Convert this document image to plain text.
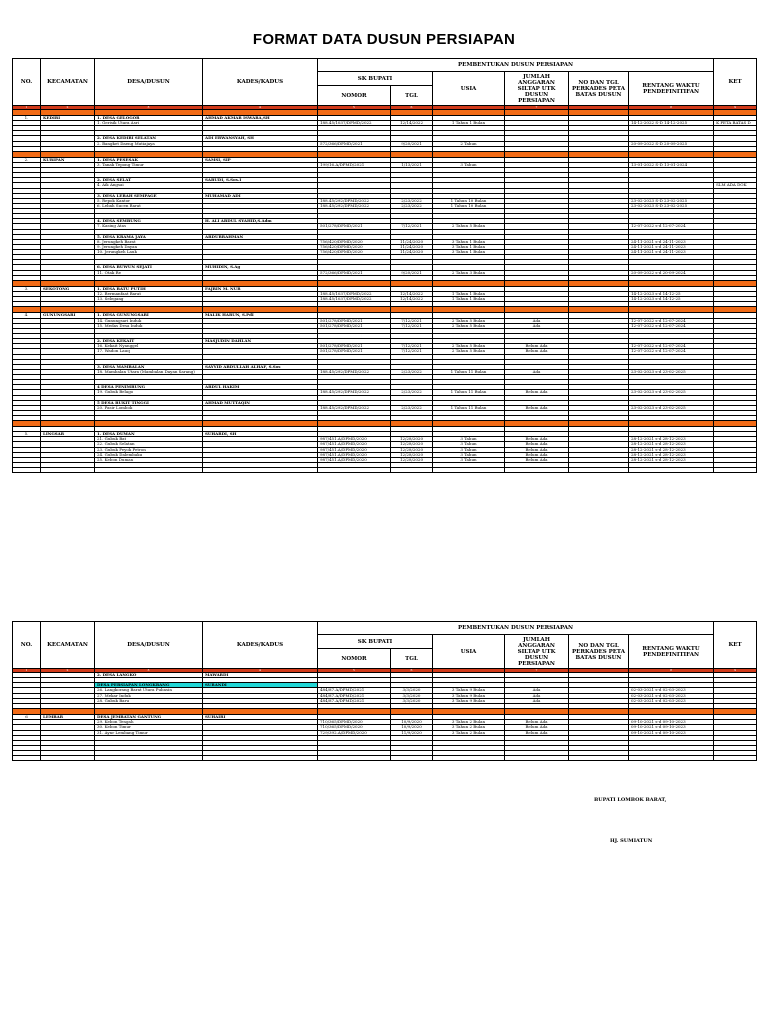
FORMAT DATA DUSUN PERSIAPAN
NO.	KECAMATAN	DESA/DUSUN	KADES/KADUS	PEMBENTUKAN DUSUN PERSIAPAN						KET
				SK BUPATI		USIA	JUMLAH ANGGARAN SILTAP UTK DUSUN PERSIAPAN	NO DAN TGL PERKADES PETA BATAS DUSUN	RENTANG WAKTU PENDEFINITIFAN	
				NOMOR	TGL					
1	2	3	4	5	6		7		8	9

1.	KEDIRI	1. DESA GELOGOR	AHMAD AKMAR ISWARA,SH							
		1. Gerisik Utara Asri		188.45/1037/DPMD/2022	12/14/2022	1 Tahun 1 Bulan			14-12-2022 S-D 14-12-2025	K PETA BATAS D

		2. DESA KEDIRI SELATAN	ADI ERWANSYAH, SH							
		2. Bangket Daeng Mutiajaya		572/366/DPMD/2021	9/20/2021	2 Tahun			20-09-2022 S-D 20-09-2025	

2.	KURIPAN	1. DESA PESESAK	SAMSI, SIP							
		3. Tanak Tepong Timur		199/16.A/DPMD/2021	1/13/2021	3 Tahun			13-01-2022 S-D 13-01-2024	

		2. DESA SELAT	SABUDI, S.Sos.I							
		4. Aik Angsai								SLM ADA DOK

		3. DESA LEBAH SEMPAGE	MUHAMAD ADI							
		5. Repok Kantor		188.45/292/DPMD/2022	2/23/2022	1 Tahun 10 Bulan			23-02-2023 S-D 23-02-2025	
		6. Lebah Sucen Barat		188.45/292/DPMD/2022	2/23/2022	1 Tahun 10 Bulan			23-02-2023 S-D 23-02-2025	

		4. DESA SEMBUNG	H. ALI ABDUL SYAHID,S.Adm							
		7. Kasing Atas		501/278/DPMD/2021	7/12/2021	2 Tahun 5 Bulan			12-07-2022 s-d 12-07-2024	

		5. DESA KRAMA JAYA	ABDURRAHMAN							
		8. Jerungkeh Barat		756/420/DPMD/2020	11/24/2020	3 Tahun 1 Bulan			24-11-2021 s-d 24-11-2023	
		9. Jerungkeh Dayan		756/420/DPMD/2020	11/24/2020	3 Tahun 1 Bulan			24-11-2021 s-d 24-11-2023	
		10. Jerungkeh Lauk		756/420/DPMD/2020	11/24/2020	3 Tahun 1 Bulan			24-11-2021 s-d 24-11-2023	

		6. DESA BUWUN SEJATI	MUHIDIN, S.Ag							
		11. Otak Re		572/366/DPMD/2021	9/20/2021	2 Tahun 3 Bulan			20-09-2022 s-d 20-09-2024	

3.	SEKOTONG	1. DESA BATU PUTIH	FAJRIN M. NUR							
		12. Bermanfaat Barat		188.45/1037/DPMD/2022	12/14/2022	1 Tahun 1 Bulan			14-12-2023 s-d 14-12-25	
		13. Selegang		188.45/1037/DPMD/2022	12/14/2022	1 Tahun 1 Bulan			14-12-2023 s-d 14-12-25	

4.	GUNUNGSARI	1. DESA GUNUNGSARI	MALIK HARUN, S.PdI							
		14. Gunungsari Induk		501/278/DPMD/2021	7/12/2021	2 Tahun 5 Bulan	Ada		12-07-2022 s-d 12-07-2024	
		15. Medas Desa Induk		501/278/DPMD/2021	7/12/2021	2 Tahun 5 Bulan	Ada		12-07-2022 s-d 12-07-2024	

		2. DESA KEKAIT	MASJUDIN DAHLAN							
		16. Kekait Nyanggel		501/278/DPMD/2021	7/12/2021	2 Tahun 5 Bulan	Belum Ada		12-07-2022 s-d 12-07-2024	
		17. Wadon Lauq		501/278/DPMD/2021	7/12/2021	2 Tahun 5 Bulan	Belum Ada		12-07-2022 s-d 12-07-2024	

		3. DESA MAMBALAN	SAYYID ABDULLAH ALHAF, S.Sos							
		18. Mambalan Utara (Mambalan Dayan Sarang)		188.45/292/DPMD/2022	2/23/2022	1 Tahun 11 Bulan	Ada		23-02-2023 s-d 23-02-2025	

		4 DESA PENIMBUNG	ABDUL HAKIM							
		19. Gubuk Belago		188.45/292/DPMD/2022	2/23/2022	1 Tahun 11 Bulan	Belum Ada		23-02-2023 s-d 23-02-2025	

		5 DESA BUKIT TINGGI	AHMAD MUTTAQIN							
		20. Pasir Lombok		188.45/292/DPMD/2022	2/23/2022	1 Tahun 11 Bulan	Belum Ada		23-02-2023 s-d 23-02-2025	

5.	LINGSAR	1. DESA DUMAN	SUHARDI, SH							
		21. Gubuk Bat		987/451.A/DPMD/2020	12/28/2020	3 Tahun	Belum Ada		28-12-2021 s-d 28-12-2023	
		22. Gubuk Selatan		987/451.A/DPMD/2020	12/28/2020	3 Tahun	Belum Ada		28-12-2021 s-d 28-12-2023	
		23. Gubuk Peyok Petron		987/451.A/DPMD/2020	12/28/2020	3 Tahun	Belum Ada		28-12-2021 s-d 28-12-2023	
		24. Gubuk Dalembaku		987/451.A/DPMD/2020	12/28/2020	3 Tahun	Belum Ada		28-12-2021 s-d 28-12-2023	
		25. Kebon Duman		987/451.A/DPMD/2020	12/28/2020	3 Tahun	Belum Ada		28-12-2021 s-d 28-12-2023	

NO.	KECAMATAN	DESA/DUSUN	KADES/KADUS	PEMBENTUKAN DUSUN PERSIAPAN						KET
				SK BUPATI		USIA	JUMLAH ANGGARAN SILTAP UTK DUSUN PERSIAPAN	NO DAN TGL PERKADES PETA BATAS DUSUN	RENTANG WAKTU PENDEFINITIFAN	
				NOMOR	TGL					
1	2	3	4	5	6		7		8	9
		2. DESA LANGKO	MAWARDI							

		DESA PERSIAPAN LONGKRANG	SURANDI							
		26. Langkorang Barat Utara Pubasin		484/87.A/DPMD/2021	3/3/2020	3 Tahun 9 Bulan	Ada		02-03-2021 s-d 02-03-2023	
		27. Mekar Induk		484/87.A/DPMD/2021	3/3/2020	3 Tahun 9 Bulan	Ada		02-03-2021 s-d 02-03-2023	
		28. Gubuk Baru		484/87.A/DPMD/2021	3/3/2020	3 Tahun 9 Bulan	Ada		02-03-2021 s-d 02-03-2023	

6	LEMBAR	DESA JEMBATAN GANTUNG	SUHAIRI							
		29. Kebon Tengah		710/365/DPMD/2020	10/9/2020	3 Tahun 2 Bulan	Belum Ada		09-10-2021 s-d 09-10-2023	
		30. Kebon Timur		710/365/DPMD/2020	10/9/2020	3 Tahun 2 Bulan	Belum Ada		09-10-2021 s-d 09-10-2023	
		31. Aynr Lembang Timur		729/392.A/DPMD/2020	11/9/2020	3 Tahun 2 Bulan	Belum Ada		09-10-2021 s-d 09-10-2023	

BUPATI LOMBOK BARAT,
HJ. SUMIATUN
